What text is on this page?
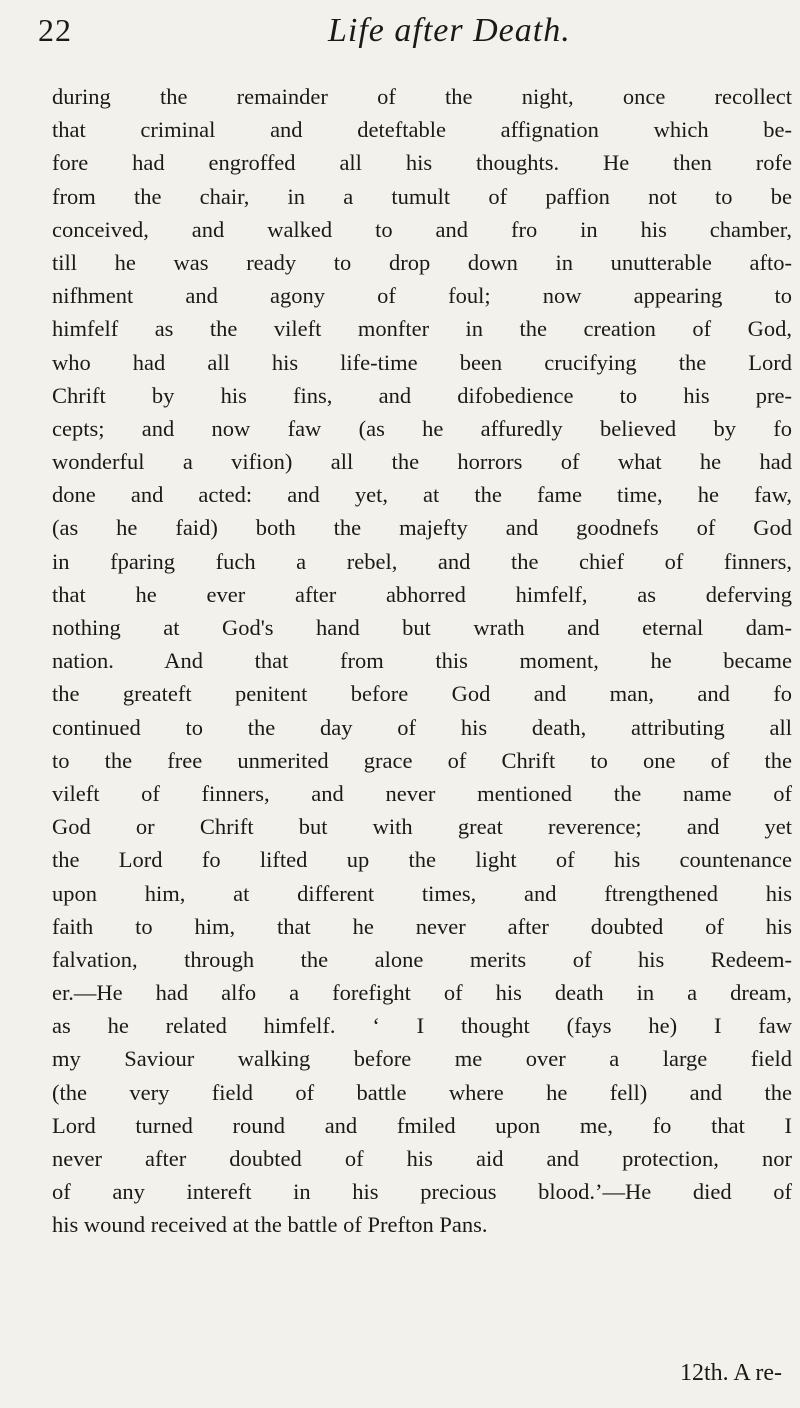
22	Life after Death.
during the remainder of the night, once recollect
that criminal and deteftable affignation which be-
fore had engroffed all his thoughts. He then rofe
from the chair, in a tumult of paffion not to be
conceived, and walked to and fro in his chamber,
till he was ready to drop down in unutterable afto-
nifhment and agony of foul; now appearing to
himfelf as the vileft monfter in the creation of God,
who had all his life-time been crucifying the Lord
Chrift by his fins, and difobedience to his pre-
cepts; and now faw (as he affuredly believed by fo
wonderful a vifion) all the horrors of what he had
done and acted: and yet, at the fame time, he faw,
(as he faid) both the majefty and goodnefs of God
in fparing fuch a rebel, and the chief of finners,
that he ever after abhorred himfelf, as deferving
nothing at God's hand but wrath and eternal dam-
nation. And that from this moment, he became
the greateft penitent before God and man, and fo
continued to the day of his death, attributing all
to the free unmerited grace of Chrift to one of the
vileft of finners, and never mentioned the name of
God or Chrift but with great reverence; and yet
the Lord fo lifted up the light of his countenance
upon him, at different times, and ftrengthened his
faith to him, that he never after doubted of his
falvation, through the alone merits of his Redeem-
er.—He had alfo a forefight of his death in a dream,
as he related himfelf. ‘ I thought (fays he) I faw
my Saviour walking before me over a large field
(the very field of battle where he fell) and the
Lord turned round and fmiled upon me, fo that I
never after doubted of his aid and protection, nor
of any intereft in his precious blood.’—He died of
his wound received at the battle of Prefton Pans.
12th. A re-
